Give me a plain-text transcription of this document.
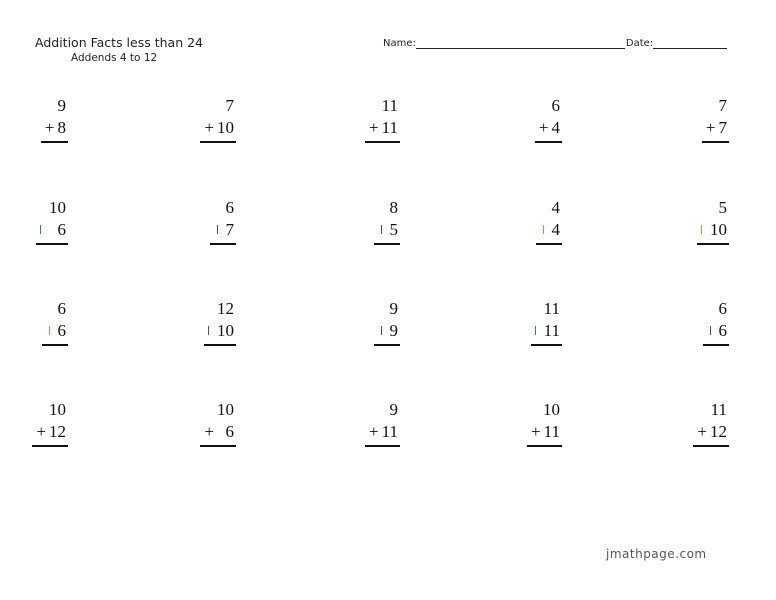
Addition Facts less than 24
Addends 4 to 12
Name:	Date:
9
+ 8
7
+ 10
11
+ 11
6
+ 4
7
+ 7
10
6
6
7
8
5
4
4
5
10
6
6
12
10
9
9
11
11
6
6
10
+ 12
10
+  6
9
+ 11
10
+ 11
11
+ 12
jmathpage.com
